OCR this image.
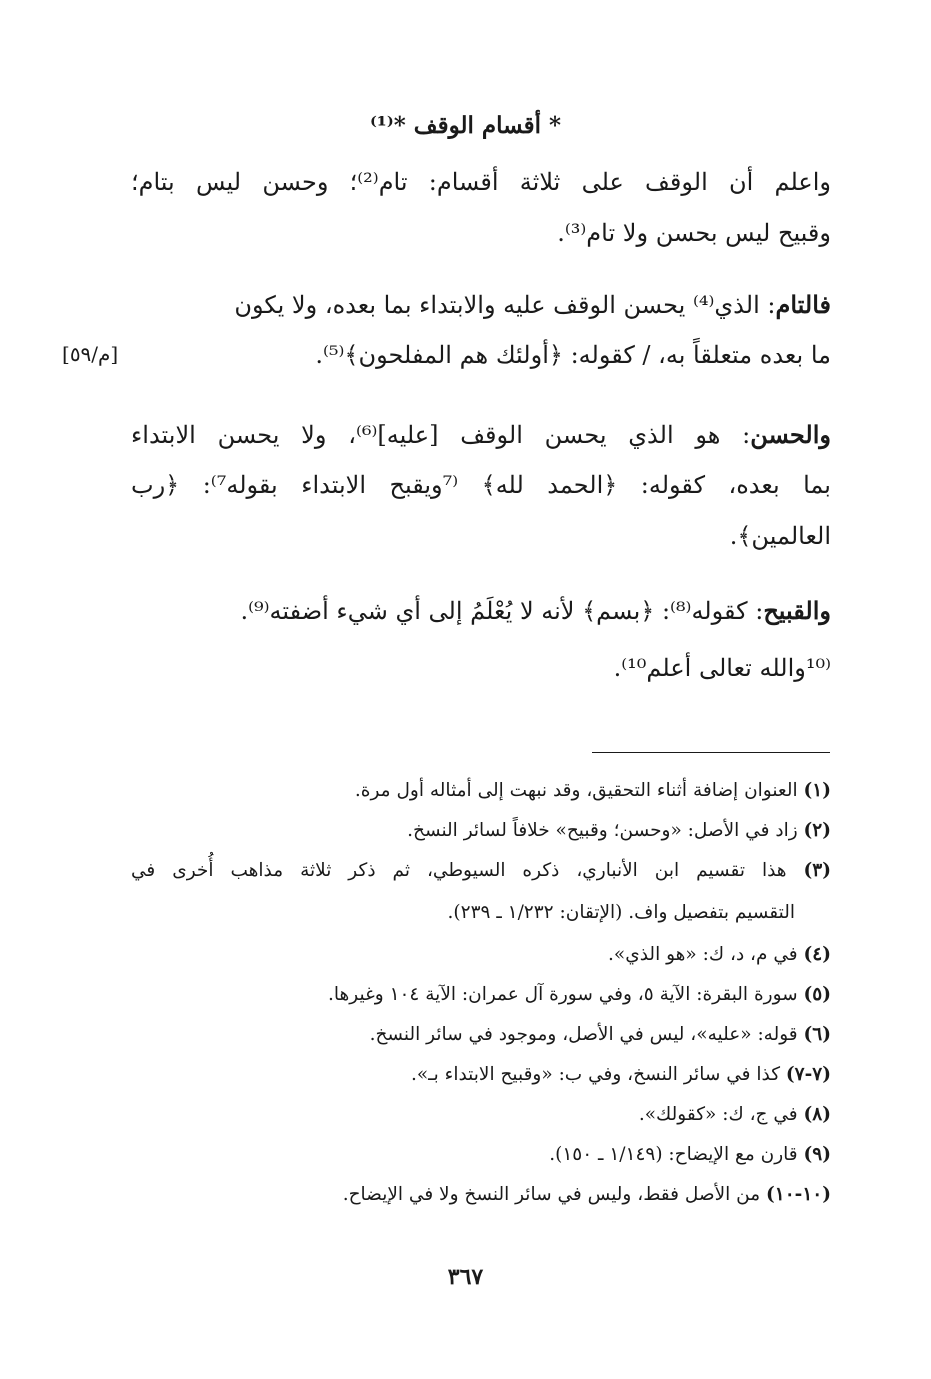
* أقسام الوقف *⁽¹⁾
واعلم أن الوقف على ثلاثة أقسام: تام⁽²⁾؛ وحسن ليس بتام؛
وقبيح ليس بحسن ولا تام⁽³⁾.
فالتام: الذي⁽⁴⁾ يحسن الوقف عليه والابتداء بما بعده، ولا يكون
ما بعده متعلقاً به، / كقوله: ﴿أولئك هم المفلحون﴾⁽⁵⁾.
[م/٥٩]
والحسن: هو الذي يحسن الوقف [عليه]⁽⁶⁾، ولا يحسن الابتداء
بما بعده، كقوله: ﴿الحمد لله﴾ ⁽⁷ويقبح الابتداء بقوله⁷⁾: ﴿رب
العالمين﴾.
والقبيح: كقوله⁽⁸⁾: ﴿بسم﴾ لأنه لا يُعْلَمُ إلى أي شيء أضفته⁽⁹⁾.
⁽¹⁰والله تعالى أعلم¹⁰⁾.
(١) العنوان إضافة أثناء التحقيق، وقد نبهت إلى أمثاله أول مرة.
(٢) زاد في الأصل: «وحسن؛ وقبيح» خلافاً لسائر النسخ.
(٣) هذا تقسيم ابن الأنباري، ذكره السيوطي، ثم ذكر ثلاثة مذاهب أُخرى في
التقسيم بتفصيل واف. (الإتقان: ١/٢٣٢ ـ ٢٣٩).
(٤) في م، د، ك: «هو الذي».
(٥) سورة البقرة: الآية ٥، وفي سورة آل عمران: الآية ١٠٤ وغيرها.
(٦) قوله: «عليه»، ليس في الأصل، وموجود في سائر النسخ.
(٧-٧) كذا في سائر النسخ، وفي ب: «وقبيح الابتداء بـ».
(٨) في ج، ك: «كقولك».
(٩) قارن مع الإيضاح: (١/١٤٩ ـ ١٥٠).
(١٠-١٠) من الأصل فقط، وليس في سائر النسخ ولا في الإيضاح.
٣٦٧
